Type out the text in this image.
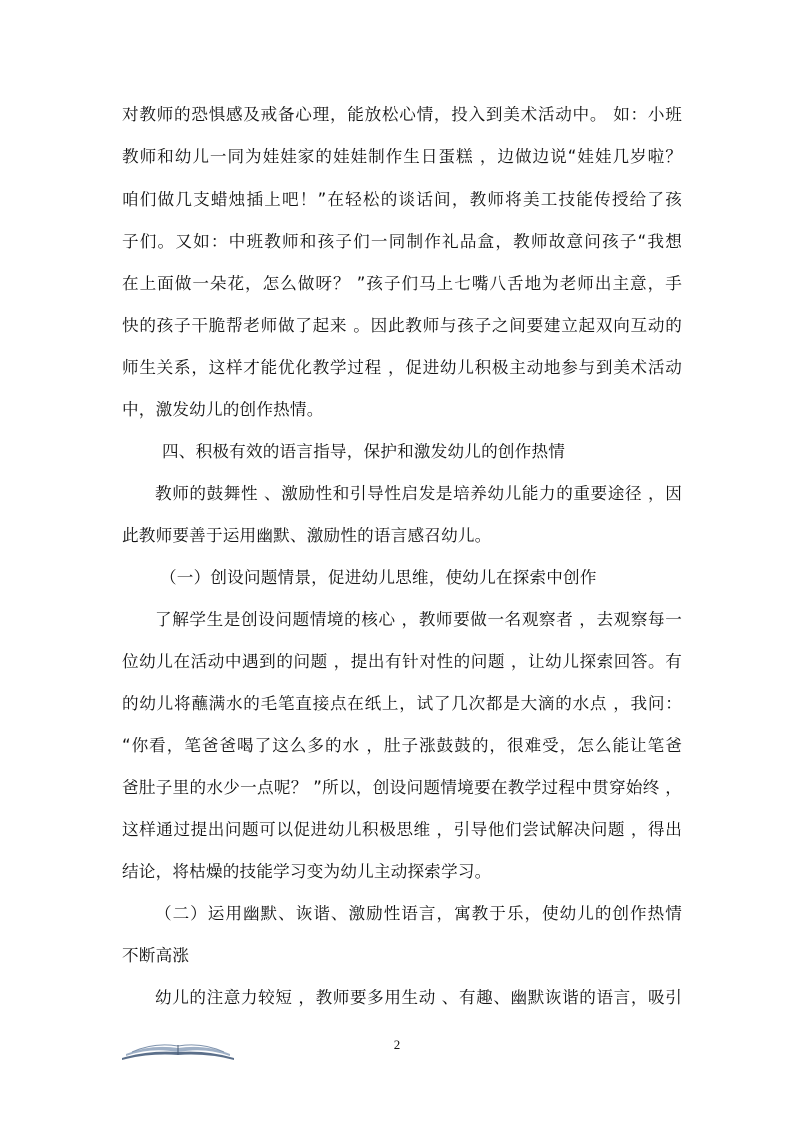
对教师的恐惧感及戒备心理，能放松心情，投入到美术活动中。 如：小班
教师和幼儿一同为娃娃家的娃娃制作生日蛋糕 ，边做边说“娃娃几岁啦？
咱们做几支蜡烛插上吧！”在轻松的谈话间，教师将美工技能传授给了孩
子们。又如：中班教师和孩子们一同制作礼品盒，教师故意问孩子“我想
在上面做一朵花，怎么做呀？ ”孩子们马上七嘴八舌地为老师出主意，手
快的孩子干脆帮老师做了起来 。因此教师与孩子之间要建立起双向互动的
师生关系，这样才能优化教学过程 ，促进幼儿积极主动地参与到美术活动
中，激发幼儿的创作热情。
四、积极有效的语言指导，保护和激发幼儿的创作热情
教师的鼓舞性 、激励性和引导性启发是培养幼儿能力的重要途径 ，因
此教师要善于运用幽默、激励性的语言感召幼儿。
（一）创设问题情景，促进幼儿思维，使幼儿在探索中创作
了解学生是创设问题情境的核心 ，教师要做一名观察者 ，去观察每一
位幼儿在活动中遇到的问题 ，提出有针对性的问题 ，让幼儿探索回答。有
的幼儿将蘸满水的毛笔直接点在纸上，试了几次都是大滴的水点 ，我问：
“你看，笔爸爸喝了这么多的水 ，肚子涨鼓鼓的，很难受，怎么能让笔爸
爸肚子里的水少一点呢？ ”所以，创设问题情境要在教学过程中贯穿始终 ，
这样通过提出问题可以促进幼儿积极思维 ，引导他们尝试解决问题 ，得出
结论，将枯燥的技能学习变为幼儿主动探索学习。
（二）运用幽默、诙谐、激励性语言，寓教于乐，使幼儿的创作热情
不断高涨
幼儿的注意力较短 ，教师要多用生动 、有趣、幽默诙谐的语言，吸引
2
